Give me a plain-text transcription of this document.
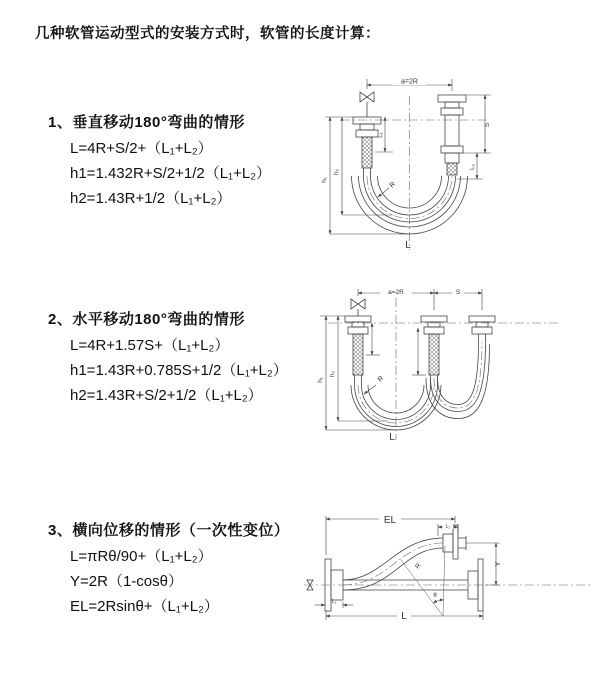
几种软管运动型式的安装方式时，软管的长度计算：
1、垂直移动180°弯曲的情形
L=4R+S/2+（L₁+L₂）
h1=1.432R+S/2+1/2（L₁+L₂）
h2=1.43R+1/2（L₁+L₂）
2、水平移动180°弯曲的情形
L=4R+1.57S+（L₁+L₂）
h1=1.43R+0.785S+1/2（L₁+L₂）
h2=1.43R+S/2+1/2（L₁+L₂）
3、横向位移的情形（一次性变位）
L=πRθ/90+（L₁+L₂）
Y=2R（1-cosθ）
EL=2Rsinθ+（L₁+L₂）
R
a=2R
h₁
h₂
L₁
S
L₂
L
R
a=2R	S
h₁
h₂
L
θ
R
EL
L₂
Y
L
L₁
